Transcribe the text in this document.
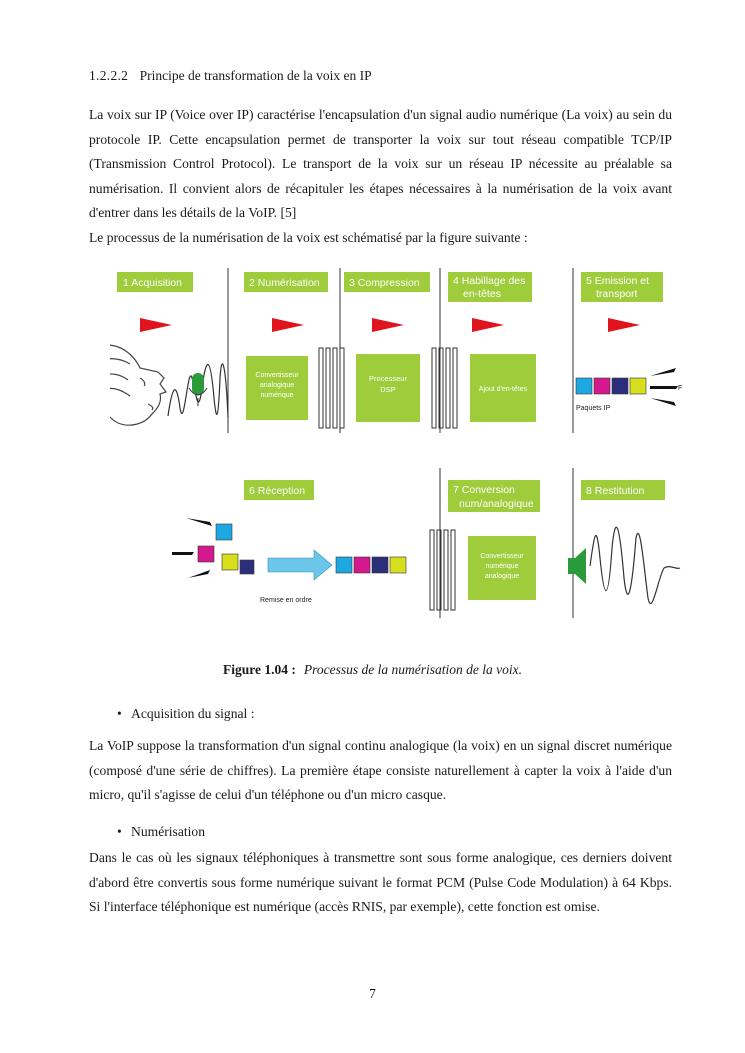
1.2.2.2 Principe de transformation de la voix en IP

La voix sur IP (Voice over IP) caractérise l'encapsulation d'un signal audio numérique (La voix) au sein du protocole IP. Cette encapsulation permet de transporter la voix sur tout réseau compatible TCP/IP (Transmission Control Protocol). Le transport de la voix sur un réseau IP nécessite au préalable sa numérisation. Il convient alors de récapituler les étapes nécessaires à la numérisation de la voix avant d'entrer dans les détails de la VoIP. [5]

Le processus de la numérisation de la voix est schématisé par la figure suivante :

1 Acquisition	2 Numérisation	3 Compression	4 Habillage des
en-têtes
5 Emission et
transport
Convertisseur
analogique
numérique
Processeur
DSP	Ajout d'en-têtes
Paquets IP
F
6 Réception	7 Conversion
num/analogique
8 Restitution
Remise en ordre
Convertisseur
numérique
analogique
Figure 1.04 : Processus de la numérisation de la voix.
• Acquisition du signal :

La VoIP suppose la transformation d'un signal continu analogique (la voix) en un signal discret numérique (composé d'une série de chiffres). La première étape consiste naturellement à capter la voix à l'aide d'un micro, qu'il s'agisse de celui d'un téléphone ou d'un micro casque.

• Numérisation

Dans le cas où les signaux téléphoniques à transmettre sont sous forme analogique, ces derniers doivent d'abord être convertis sous forme numérique suivant le format PCM (Pulse Code Modulation) à 64 Kbps. Si l'interface téléphonique est numérique (accès RNIS, par exemple), cette fonction est omise.

7
